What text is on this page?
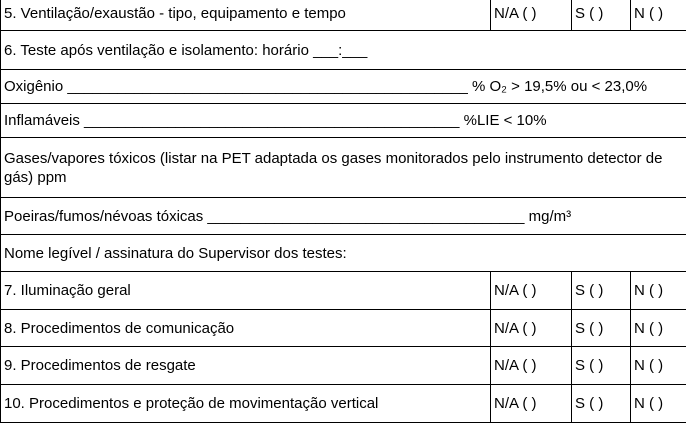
5. Ventilação/exaustão - tipo, equipamento e tempo	N/A ( )	S ( )	N ( )
6. Teste após ventilação e isolamento: horário ___:___			
Oxigênio ________________________________________________ % O₂ > 19,5% ou < 23,0%			
Inflamáveis _____________________________________________ %LIE < 10%			
Gases/vapores tóxicos (listar na PET adaptada os gases monitorados pelo instrumento detector de gás) ppm			
Poeiras/fumos/névoas tóxicas ______________________________________ mg/m³			
Nome legível / assinatura do Supervisor dos testes:			
7. Iluminação geral	N/A ( )	S ( )	N ( )
8. Procedimentos de comunicação	N/A ( )	S ( )	N ( )
9. Procedimentos de resgate	N/A ( )	S ( )	N ( )
10. Procedimentos e proteção de movimentação vertical	N/A ( )	S ( )	N ( )
